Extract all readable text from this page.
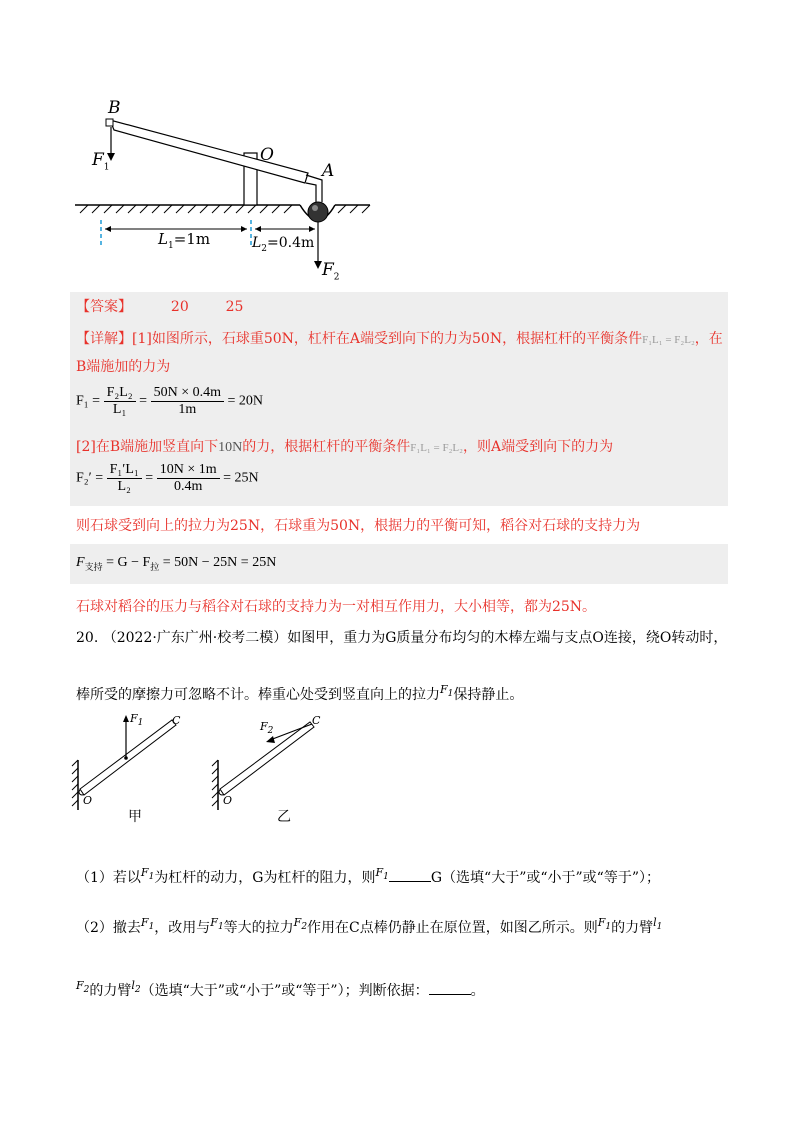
B
O
A
$F_1$
$F_2$
$L_1=1m$	$L_2=0.4m$
【答案】	20	25
【详解】[1]如图所示，石球重50N，杠杆在A端受到向下的力为50N，根据杠杆的平衡条件F₁L₁ = F₂L₂，在
B端施加的力为
$F_1 = \frac{\text{F₂L₂}}{\text{L₁}} = \frac{50N \times 0.4m}{1m} = 20N$
[2]在B端施加竖直向下10N的力，根据杠杆的平衡条件F₁L₁ = F₂L₂，则A端受到向下的力为
$F_2' = \frac{\text{F₁′L₁}}{\text{L₂}} = \frac{10N \times 1m}{0.4m} = 25N$
则石球受到向上的拉力为25N，石球重为50N，根据力的平衡可知，稻谷对石球的支持力为
$F_{支持} = G - F_拉 = 50N - 25N = 25N$
石球对稻谷的压力与稻谷对石球的支持力为一对相互作用力，大小相等，都为25N。
20. （2022·广东广州·校考二模）如图甲，重力为G质量分布均匀的木棒左端与支点O连接，绕O转动时，
棒所受的摩擦力可忽略不计。棒重心处受到竖直向上的拉力$^{F_1}$保持静止。
C	C
$F_1$	$F_2$
O	O
甲	乙
（1）若以$^{F_1}$为杠杆的动力，G为杠杆的阻力，则$^{F_1}$	G（选填“大于”或“小于”或“等于”）；
（2）撤去$^{F_1}$，改用与$^{F_1}$等大的拉力$^{F_2}$作用在C点棒仍静止在原位置，如图乙所示。则$^{F_1}$的力臂$^{l_1}$
$^{F_2}$的力臂$^{l_2}$（选填“大于”或“小于”或“等于”）；判断依据：	。
